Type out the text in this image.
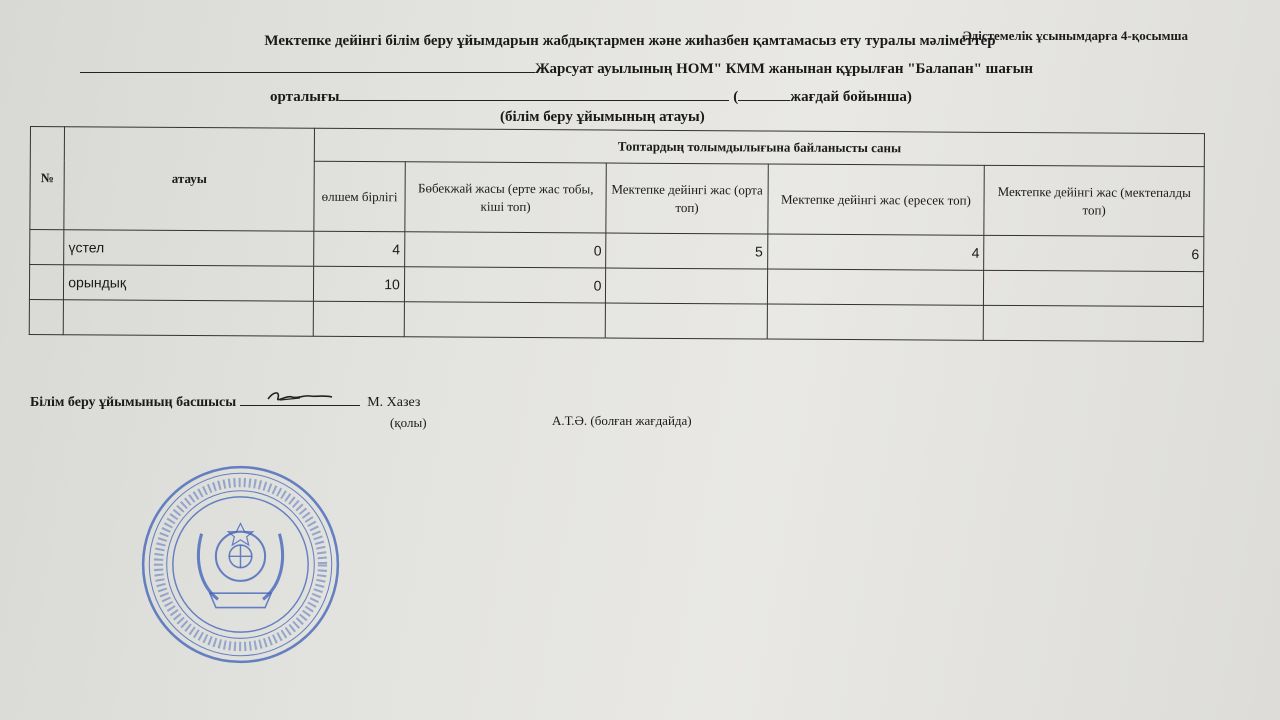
Әдістемелік ұсынымдарға 4-қосымша
Мектепке дейінгі білім беру ұйымдарын жабдықтармен және жиһазбен қамтамасыз ету туралы мәліметтер
Жарсуат ауылының НОМ" КММ жанынан құрылған "Балапан" шағын
орталығы	(	жағдай бойынша)
(білім беру ұйымының атауы)
№	атауы	Топтардың толымдылығына байланысты саны				
		өлшем бірлігі	Бөбекжай жасы (ерте жас тобы, кіші топ)	Мектепке дейінгі жас (орта топ)	Мектепке дейінгі жас (ересек топ)	Мектепке дейінгі жас (мектепалды топ)
	үстел	4	0	5	4	6
	орындық	10	0			

Білім беру ұйымының басшысы	М. Хазез
(қолы)	А.Т.Ә. (болған жағдайда)
